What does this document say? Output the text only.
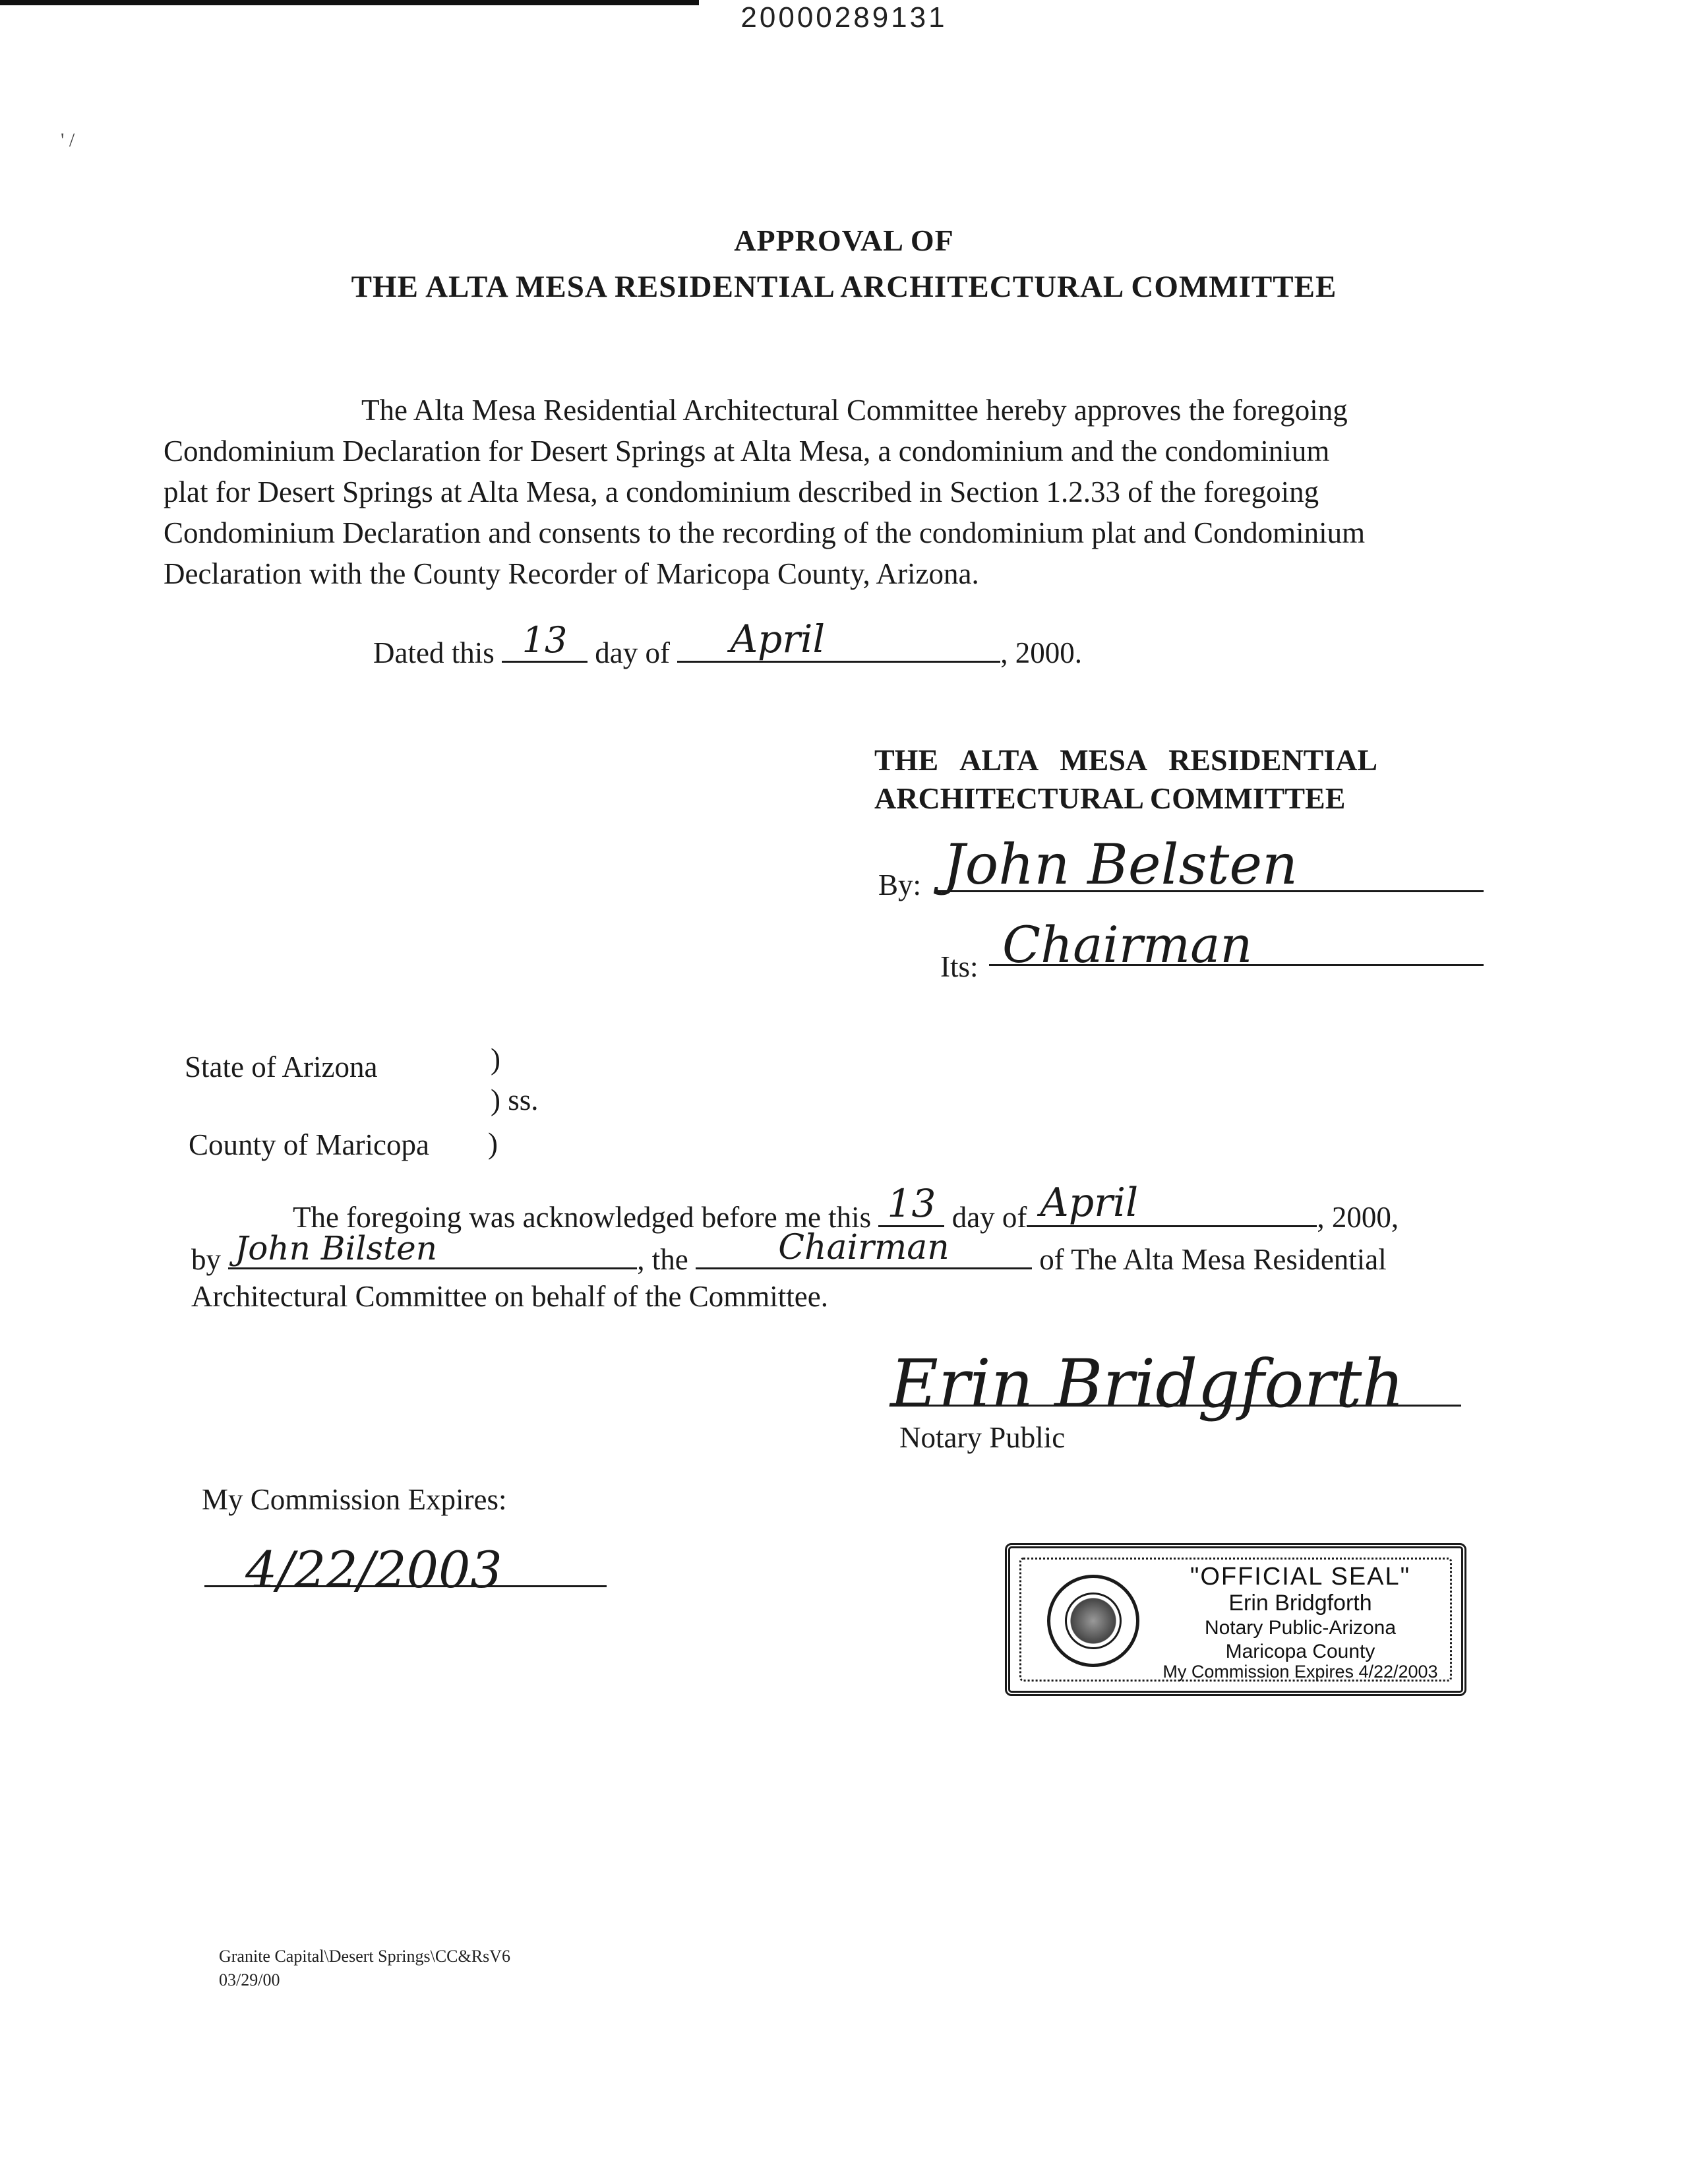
20000289131
' /
APPROVAL OF
THE ALTA MESA RESIDENTIAL ARCHITECTURAL COMMITTEE
The Alta Mesa Residential Architectural Committee hereby approves the foregoing
Condominium Declaration for Desert Springs at Alta Mesa, a condominium and the condominium
plat for Desert Springs at Alta Mesa, a condominium described in Section 1.2.33 of the foregoing
Condominium Declaration and consents to the recording of the condominium plat and Condominium
Declaration with the County Recorder of Maricopa County, Arizona.
Dated this 13 day of April	, 2000.
THE   ALTA   MESA   RESIDENTIAL
ARCHITECTURAL COMMITTEE
By: John Belsten
Its: Chairman
State of Arizona	)
) ss.
County of Maricopa )
The foregoing was acknowledged before me this 13 day of April	, 2000,
by John Bilsten	, the	Chairman	of The Alta Mesa Residential
Architectural Committee on behalf of the Committee.
Erin Bridgforth
Notary Public
My Commission Expires:
4/22/2003	"OFFICIAL SEAL"
Erin Bridgforth
Notary Public-Arizona
Maricopa County
My Commission Expires 4/22/2003
Granite Capital\Desert Springs\CC&RsV6
03/29/00
